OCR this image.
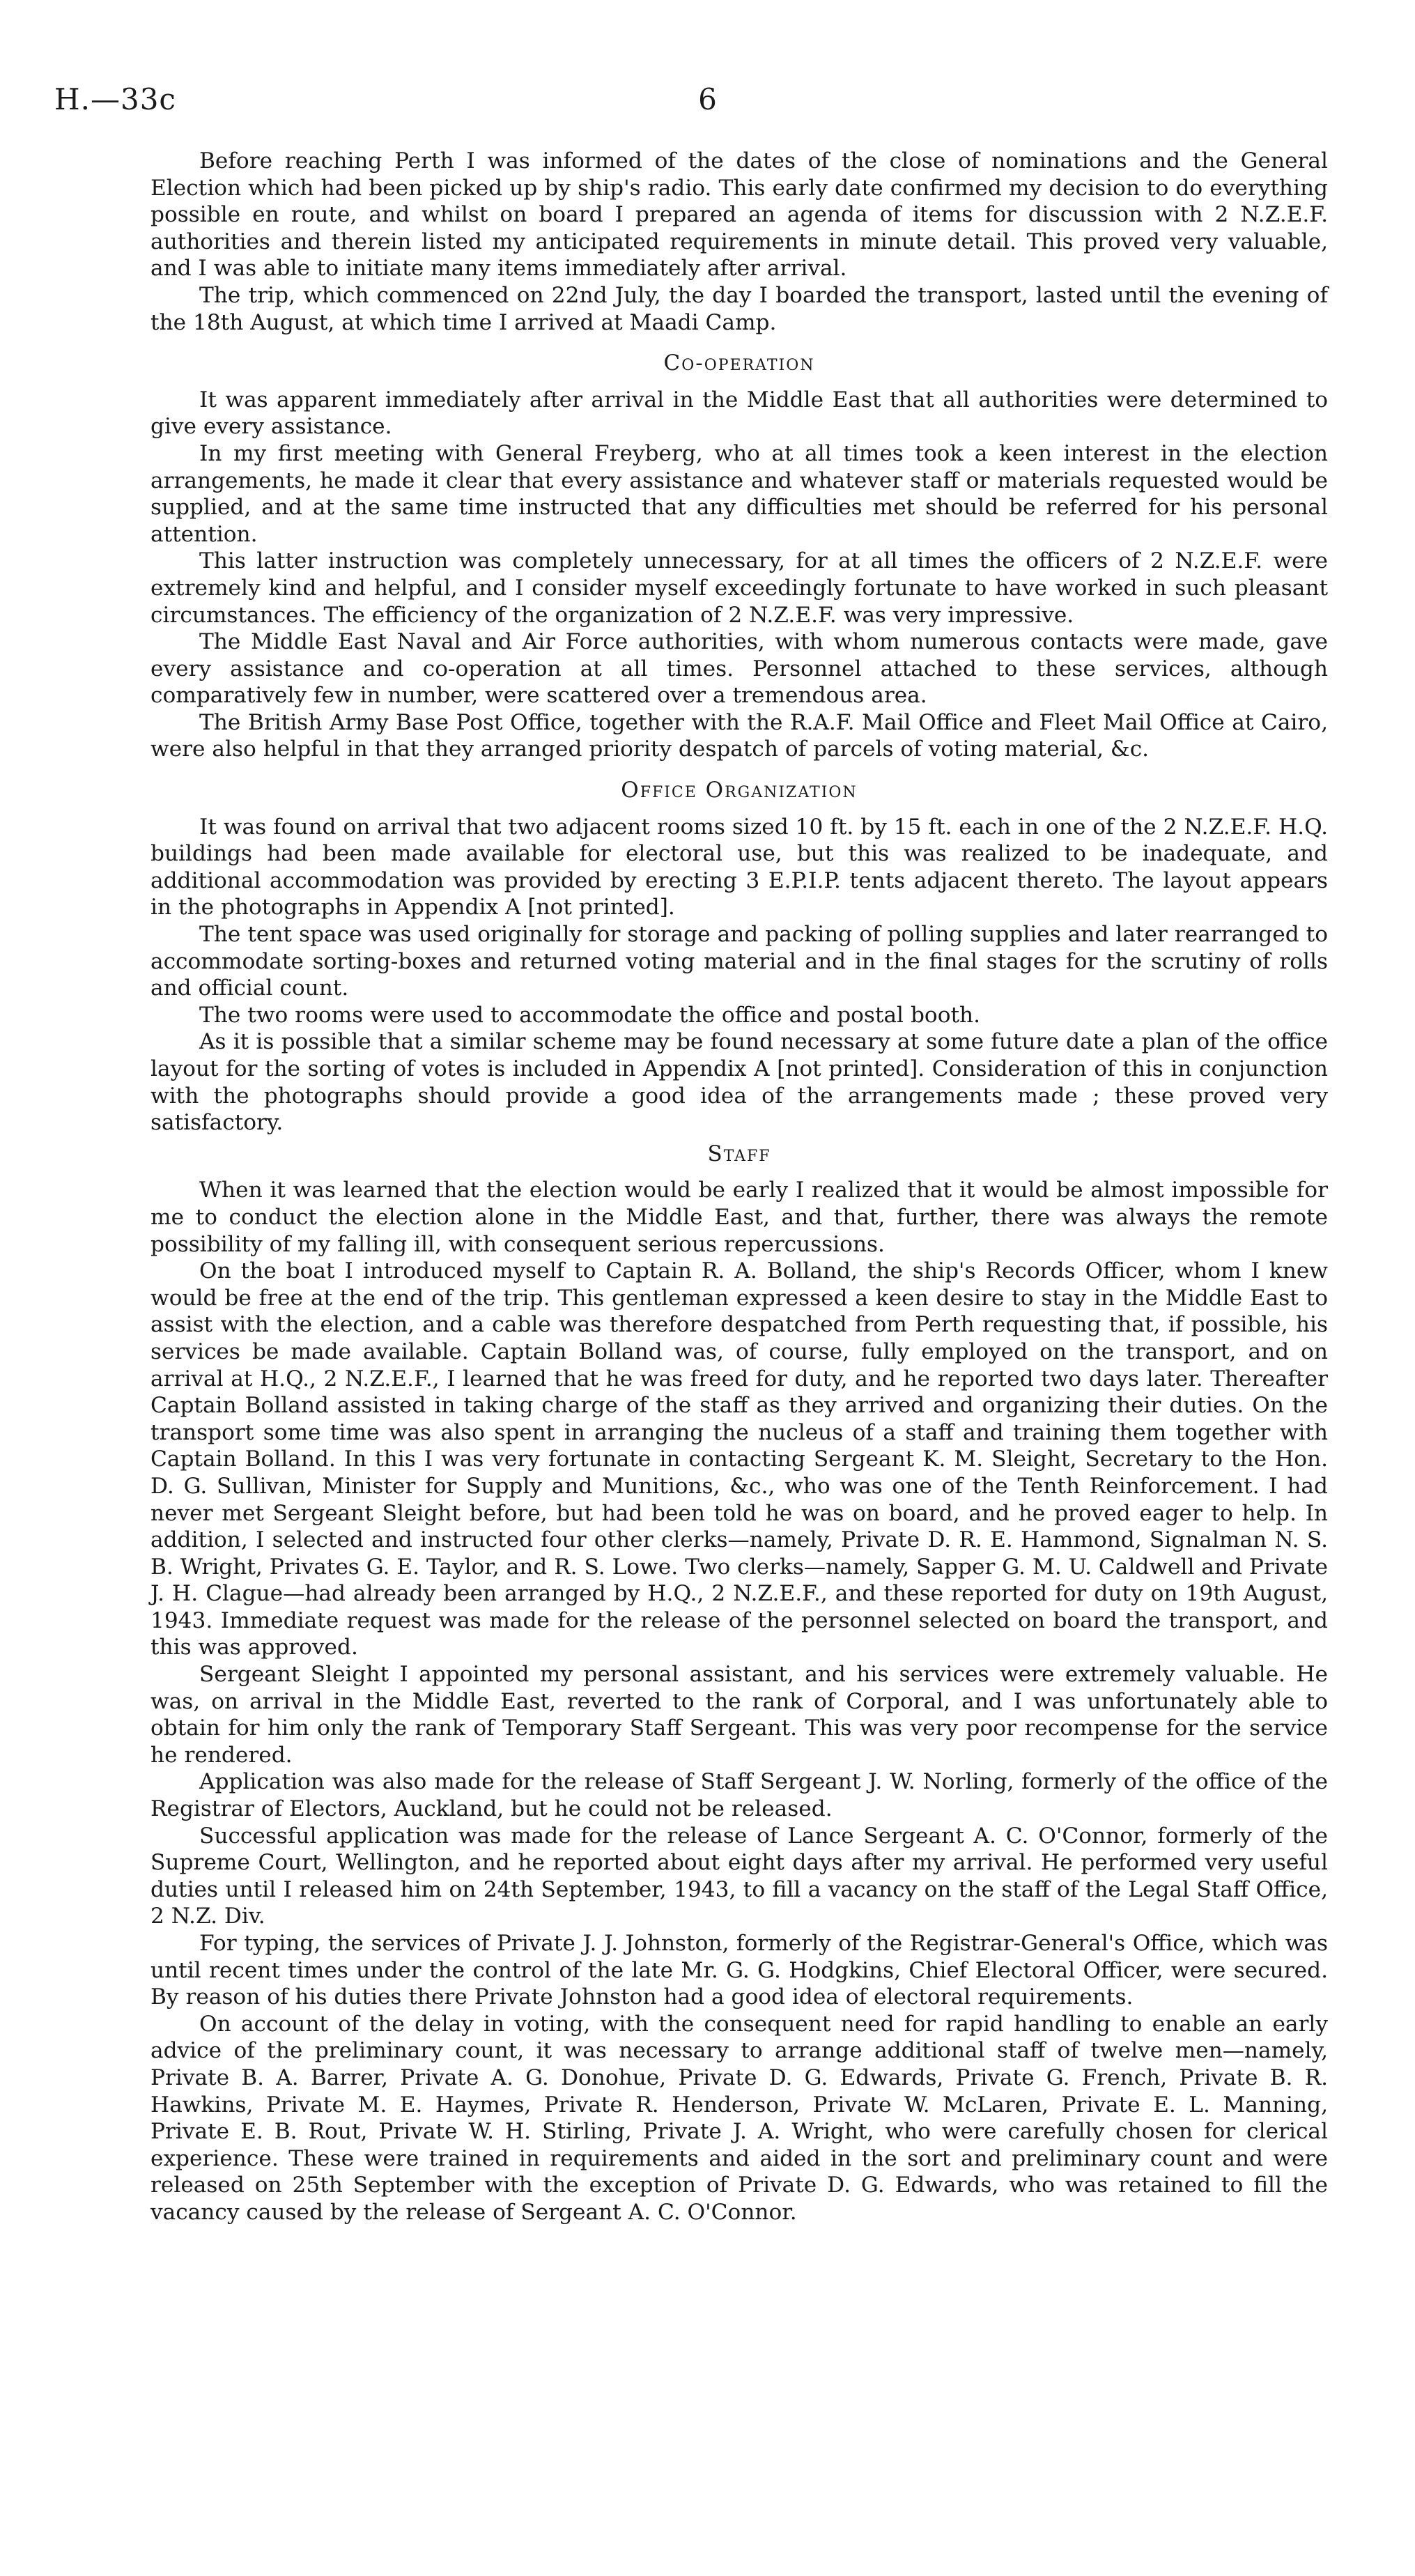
H.—33c	6

Before reaching Perth I was informed of the dates of the close of nominations and the General Election which had been picked up by ship's radio. This early date confirmed my decision to do everything possible en route, and whilst on board I prepared an agenda of items for discussion with 2 N.Z.E.F. authorities and therein listed my anticipated requirements in minute detail. This proved very valuable, and I was able to initiate many items immediately after arrival.

The trip, which commenced on 22nd July, the day I boarded the transport, lasted until the evening of the 18th August, at which time I arrived at Maadi Camp.

Co-operation

It was apparent immediately after arrival in the Middle East that all authorities were determined to give every assistance.

In my first meeting with General Freyberg, who at all times took a keen interest in the election arrangements, he made it clear that every assistance and whatever staff or materials requested would be supplied, and at the same time instructed that any difficulties met should be referred for his personal attention.

This latter instruction was completely unnecessary, for at all times the officers of 2 N.Z.E.F. were extremely kind and helpful, and I consider myself exceedingly fortunate to have worked in such pleasant circumstances. The efficiency of the organization of 2 N.Z.E.F. was very impressive.

The Middle East Naval and Air Force authorities, with whom numerous contacts were made, gave every assistance and co-operation at all times. Personnel attached to these services, although comparatively few in number, were scattered over a tremendous area.

The British Army Base Post Office, together with the R.A.F. Mail Office and Fleet Mail Office at Cairo, were also helpful in that they arranged priority despatch of parcels of voting material, &c.

Office Organization

It was found on arrival that two adjacent rooms sized 10 ft. by 15 ft. each in one of the 2 N.Z.E.F. H.Q. buildings had been made available for electoral use, but this was realized to be inadequate, and additional accommodation was provided by erecting 3 E.P.I.P. tents adjacent thereto. The layout appears in the photographs in Appendix A [not printed].

The tent space was used originally for storage and packing of polling supplies and later rearranged to accommodate sorting-boxes and returned voting material and in the final stages for the scrutiny of rolls and official count.

The two rooms were used to accommodate the office and postal booth.

As it is possible that a similar scheme may be found necessary at some future date a plan of the office layout for the sorting of votes is included in Appendix A [not printed]. Consideration of this in conjunction with the photographs should provide a good idea of the arrangements made ; these proved very satisfactory.

Staff

When it was learned that the election would be early I realized that it would be almost impossible for me to conduct the election alone in the Middle East, and that, further, there was always the remote possibility of my falling ill, with consequent serious repercussions.

On the boat I introduced myself to Captain R. A. Bolland, the ship's Records Officer, whom I knew would be free at the end of the trip. This gentleman expressed a keen desire to stay in the Middle East to assist with the election, and a cable was therefore despatched from Perth requesting that, if possible, his services be made available. Captain Bolland was, of course, fully employed on the transport, and on arrival at H.Q., 2 N.Z.E.F., I learned that he was freed for duty, and he reported two days later. Thereafter Captain Bolland assisted in taking charge of the staff as they arrived and organizing their duties. On the transport some time was also spent in arranging the nucleus of a staff and training them together with Captain Bolland. In this I was very fortunate in contacting Sergeant K. M. Sleight, Secretary to the Hon. D. G. Sullivan, Minister for Supply and Munitions, &c., who was one of the Tenth Reinforcement. I had never met Sergeant Sleight before, but had been told he was on board, and he proved eager to help. In addition, I selected and instructed four other clerks—namely, Private D. R. E. Hammond, Signalman N. S. B. Wright, Privates G. E. Taylor, and R. S. Lowe. Two clerks—namely, Sapper G. M. U. Caldwell and Private J. H. Clague—had already been arranged by H.Q., 2 N.Z.E.F., and these reported for duty on 19th August, 1943. Immediate request was made for the release of the personnel selected on board the transport, and this was approved.

Sergeant Sleight I appointed my personal assistant, and his services were extremely valuable. He was, on arrival in the Middle East, reverted to the rank of Corporal, and I was unfortunately able to obtain for him only the rank of Temporary Staff Sergeant. This was very poor recompense for the service he rendered.

Application was also made for the release of Staff Sergeant J. W. Norling, formerly of the office of the Registrar of Electors, Auckland, but he could not be released.

Successful application was made for the release of Lance Sergeant A. C. O'Connor, formerly of the Supreme Court, Wellington, and he reported about eight days after my arrival. He performed very useful duties until I released him on 24th September, 1943, to fill a vacancy on the staff of the Legal Staff Office, 2 N.Z. Div.

For typing, the services of Private J. J. Johnston, formerly of the Registrar-General's Office, which was until recent times under the control of the late Mr. G. G. Hodgkins, Chief Electoral Officer, were secured. By reason of his duties there Private Johnston had a good idea of electoral requirements.

On account of the delay in voting, with the consequent need for rapid handling to enable an early advice of the preliminary count, it was necessary to arrange additional staff of twelve men—namely, Private B. A. Barrer, Private A. G. Donohue, Private D. G. Edwards, Private G. French, Private B. R. Hawkins, Private M. E. Haymes, Private R. Henderson, Private W. McLaren, Private E. L. Manning, Private E. B. Rout, Private W. H. Stirling, Private J. A. Wright, who were carefully chosen for clerical experience. These were trained in requirements and aided in the sort and preliminary count and were released on 25th September with the exception of Private D. G. Edwards, who was retained to fill the vacancy caused by the release of Sergeant A. C. O'Connor.
